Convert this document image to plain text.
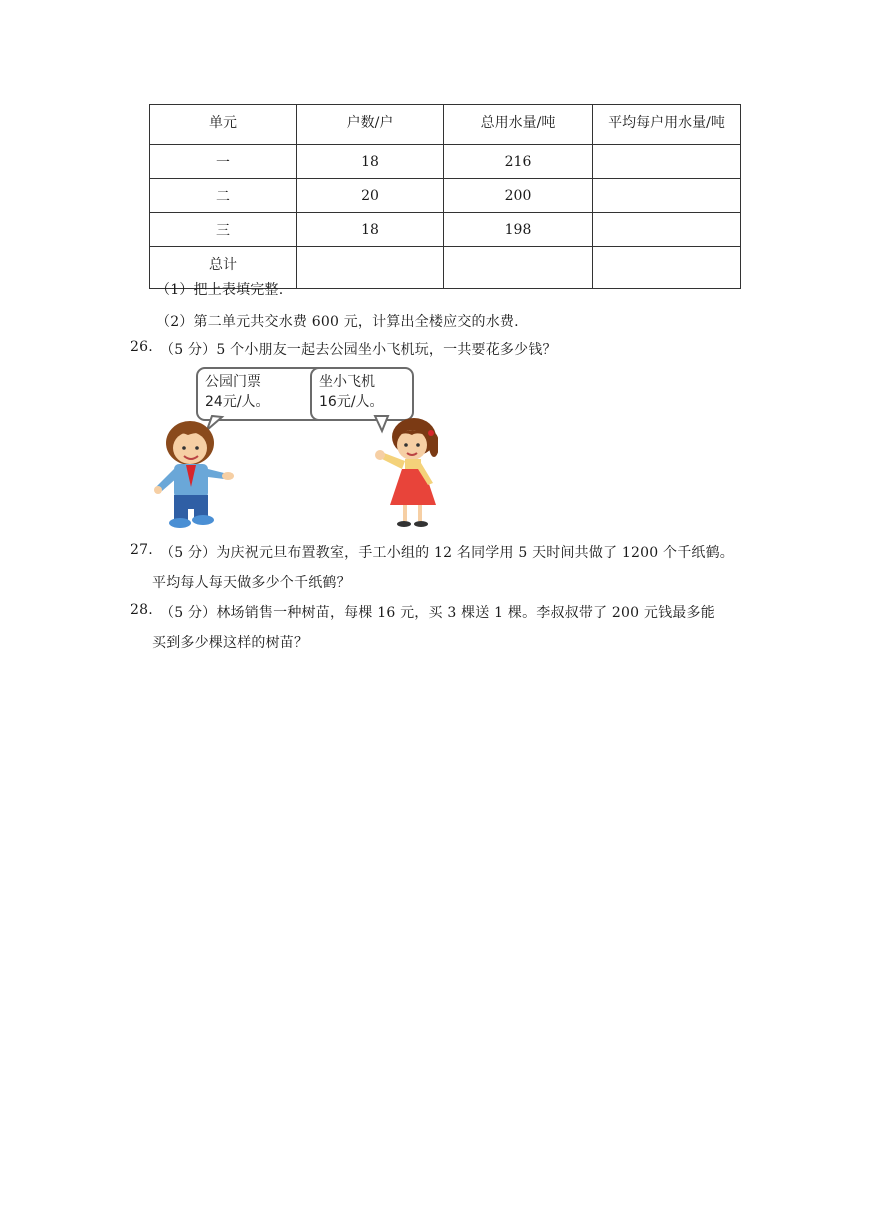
单元	户数/户	总用水量/吨	平均每户用水量/吨
一	18	216	
二	20	200	
三	18	198	
总计			
（1）把上表填完整.
（2）第二单元共交水费 600 元，计算出全楼应交的水费.
26. （5 分）5 个小朋友一起去公园坐小飞机玩，一共要花多少钱？
公园门票
24元/人。
坐小飞机
16元/人。
27. （5 分）为庆祝元旦布置教室，手工小组的 12 名同学用 5 天时间共做了 1200 个千纸鹤。
平均每人每天做多少个千纸鹤？
28. （5 分）林场销售一种树苗，每棵 16 元，买 3 棵送 1 棵。李叔叔带了 200 元钱最多能
买到多少棵这样的树苗？
